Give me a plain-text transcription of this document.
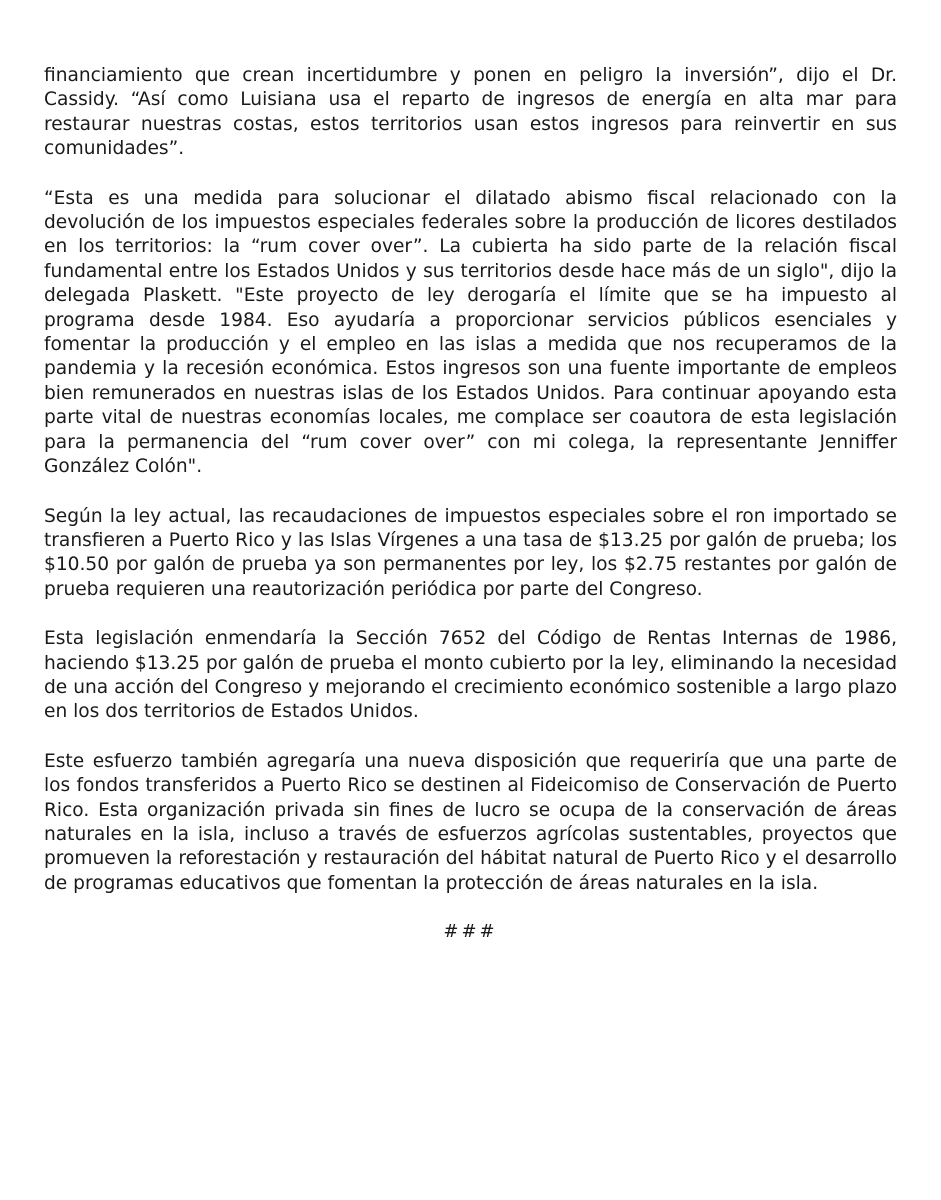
financiamiento que crean incertidumbre y ponen en peligro la inversión”, dijo el Dr. Cassidy. “Así como Luisiana usa el reparto de ingresos de energía en alta mar para restaurar nuestras costas, estos territorios usan estos ingresos para reinvertir en sus comunidades”.

“Esta es una medida para solucionar el dilatado abismo fiscal relacionado con la devolución de los impuestos especiales federales sobre la producción de licores destilados en los territorios: la “rum cover over”. La cubierta ha sido parte de la relación fiscal fundamental entre los Estados Unidos y sus territorios desde hace más de un siglo", dijo la delegada Plaskett. "Este proyecto de ley derogaría el límite que se ha impuesto al programa desde 1984. Eso ayudaría a proporcionar servicios públicos esenciales y fomentar la producción y el empleo en las islas a medida que nos recuperamos de la pandemia y la recesión económica. Estos ingresos son una fuente importante de empleos bien remunerados en nuestras islas de los Estados Unidos. Para continuar apoyando esta parte vital de nuestras economías locales, me complace ser coautora de esta legislación para la permanencia del “rum cover over” con mi colega, la representante Jenniffer González Colón".

Según la ley actual, las recaudaciones de impuestos especiales sobre el ron importado se transfieren a Puerto Rico y las Islas Vírgenes a una tasa de $13.25 por galón de prueba; los $10.50 por galón de prueba ya son permanentes por ley, los $2.75 restantes por galón de prueba requieren una reautorización periódica por parte del Congreso.

Esta legislación enmendaría la Sección 7652 del Código de Rentas Internas de 1986, haciendo $13.25 por galón de prueba el monto cubierto por la ley, eliminando la necesidad de una acción del Congreso y mejorando el crecimiento económico sostenible a largo plazo en los dos territorios de Estados Unidos.

Este esfuerzo también agregaría una nueva disposición que requeriría que una parte de los fondos transferidos a Puerto Rico se destinen al Fideicomiso de Conservación de Puerto Rico. Esta organización privada sin fines de lucro se ocupa de la conservación de áreas naturales en la isla, incluso a través de esfuerzos agrícolas sustentables, proyectos que promueven la reforestación y restauración del hábitat natural de Puerto Rico y el desarrollo de programas educativos que fomentan la protección de áreas naturales en la isla.

###
